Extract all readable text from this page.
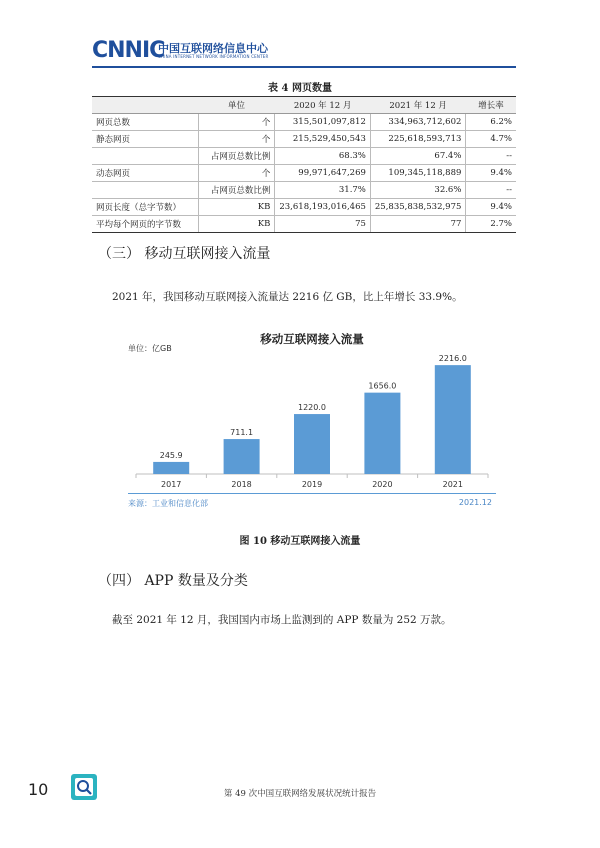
CNNIC
中国互联网络信息中心
CHINA INTERNET NETWORK INFORMATION CENTER
表 4 网页数量
	单位	2020 年 12 月	2021 年 12 月	增长率
网页总数	个	315,501,097,812	334,963,712,602	6.2%
静态网页	个	215,529,450,543	225,618,593,713	4.7%
	占网页总数比例	68.3%	67.4%	--
动态网页	个	99,971,647,269	109,345,118,889	9.4%
	占网页总数比例	31.7%	32.6%	--
网页长度（总字节数）	KB	23,618,193,016,465	25,835,838,532,975	9.4%
平均每个网页的字节数	KB	75	77	2.7%
（三） 移动互联网接入流量
2021 年，我国移动互联网接入流量达 2216 亿 GB，比上年增长 33.9%。
移动互联网接入流量
单位：亿GB
245.9
2017
711.1
2018
1220.0
2019
1656.0
2020
2216.0
2021
来源：工业和信息化部	2021.12
图 10 移动互联网接入流量
（四） APP 数量及分类
截至 2021 年 12 月，我国国内市场上监测到的 APP 数量为 252 万款。
10	第 49 次中国互联网络发展状况统计报告
